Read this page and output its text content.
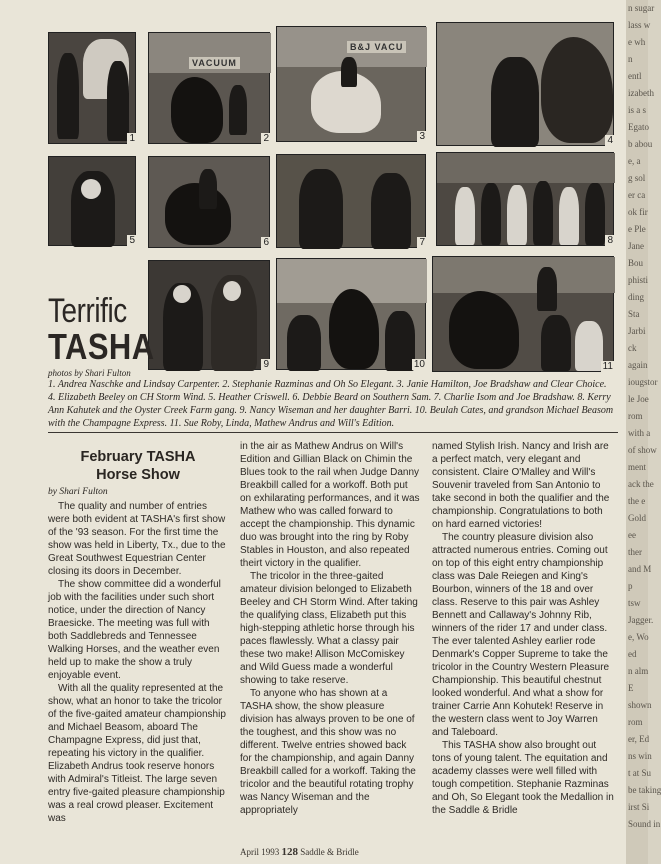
1
VACUUM
2
B&J VACU
3	4
5	6	7	8
9	10	11
Terrific
TASHA
photos by Shari Fulton
1. Andrea Naschke and Lindsay Carpenter. 2. Stephanie Razminas and Oh So Elegant. 3. Janie Hamilton, Joe Bradshaw and Clear Choice. 4. Elizabeth Beeley on CH Storm Wind. 5. Heather Criswell. 6. Debbie Beard on Southern Sam. 7. Charlie Isom and Joe Bradshaw. 8. Kerry Ann Kahutek and the Oyster Creek Farm gang. 9. Nancy Wiseman and her daughter Barri. 10. Beulah Cates, and grandson Michael Beasom with the Champagne Express. 11. Sue Roby, Linda, Mathew Andrus and Will's Edition.
February TASHA
Horse Show
by Shari Fulton

The quality and number of entries were both evident at TASHA's first show of the '93 season. For the first time the show was held in Liberty, Tx., due to the Great Southwest Equestrian Center closing its doors in December.

The show committee did a wonderful job with the facilities under such short notice, under the direction of Nancy Braesicke. The meeting was full with both Saddlebreds and Tennessee Walking Horses, and the weather even held up to make the show a truly enjoyable event.

With all the quality represented at the show, what an honor to take the tricolor of the five-gaited amateur championship and Michael Beasom, aboard The Champagne Express, did just that, repeating his victory in the qualifier. Elizabeth Andrus took reserve honors with Admiral's Titleist. The large seven entry five-gaited pleasure championship was a real crowd pleaser. Excitement was

in the air as Mathew Andrus on Will's Edition and Gillian Black on Chimin the Blues took to the rail when Judge Danny Breakbill called for a workoff. Both put on exhilarating performances, and it was Mathew who was called forward to accept the championship. This dynamic duo was brought into the ring by Roby Stables in Houston, and also repeated theirt victory in the qualifier.

The tricolor in the three-gaited amateur division belonged to Elizabeth Beeley and CH Storm Wind. After taking the qualifying class, Elizabeth put this high-stepping athletic horse through his paces flawlessly. What a classy pair these two make! Allison McComiskey and Wild Guess made a wonderful showing to take reserve.

To anyone who has shown at a TASHA show, the show pleasure division has always proven to be one of the toughest, and this show was no different. Twelve entries showed back for the championship, and again Danny Breakbill called for a workoff. Taking the tricolor and the beautiful rotating trophy was Nancy Wiseman and the appropriately

named Stylish Irish. Nancy and Irish are a perfect match, very elegant and consistent. Claire O'Malley and Will's Souvenir traveled from San Antonio to take second in both the qualifier and the championship. Congratulations to both on hard earned victories!

The country pleasure division also attracted numerous entries. Coming out on top of this eight entry championship class was Dale Reiegen and King's Bourbon, winners of the 18 and over class. Reserve to this pair was Ashley Bennett and Callaway's Johnny Rib, winners of the rider 17 and under class. The ever talented Ashley earlier rode Denmark's Copper Supreme to take the tricolor in the Country Western Pleasure Championship. This beautiful chestnut looked wonderful. And what a show for trainer Carrie Ann Kohutek! Reserve in the western class went to Joy Warren and Taleboard.

This TASHA show also brought out tons of young talent. The equitation and academy classes were well filled with tough competition. Stephanie Razminas and Oh, So Elegant took the Medallion in the Saddle & Bridle

April 1993 128 Saddle & Bridle
n sugar
lass w
e wh
n
entl
izabeth
is a s
Egato
b abou
e, a
g sol
er ca
ok fir
e Ple
Jane
Bou
phisti
ding
Sta
Jarbi
ck
again
iougstor
le Joe
rom
with a
of show
ment
ack the
the e
Gold
ee
ther
and M
p
tsw
Jagger.
e, Wo
ed
n alm
E
shown
rom
er, Ed
ns win
t at Su
be taking
irst Si
Sound in
